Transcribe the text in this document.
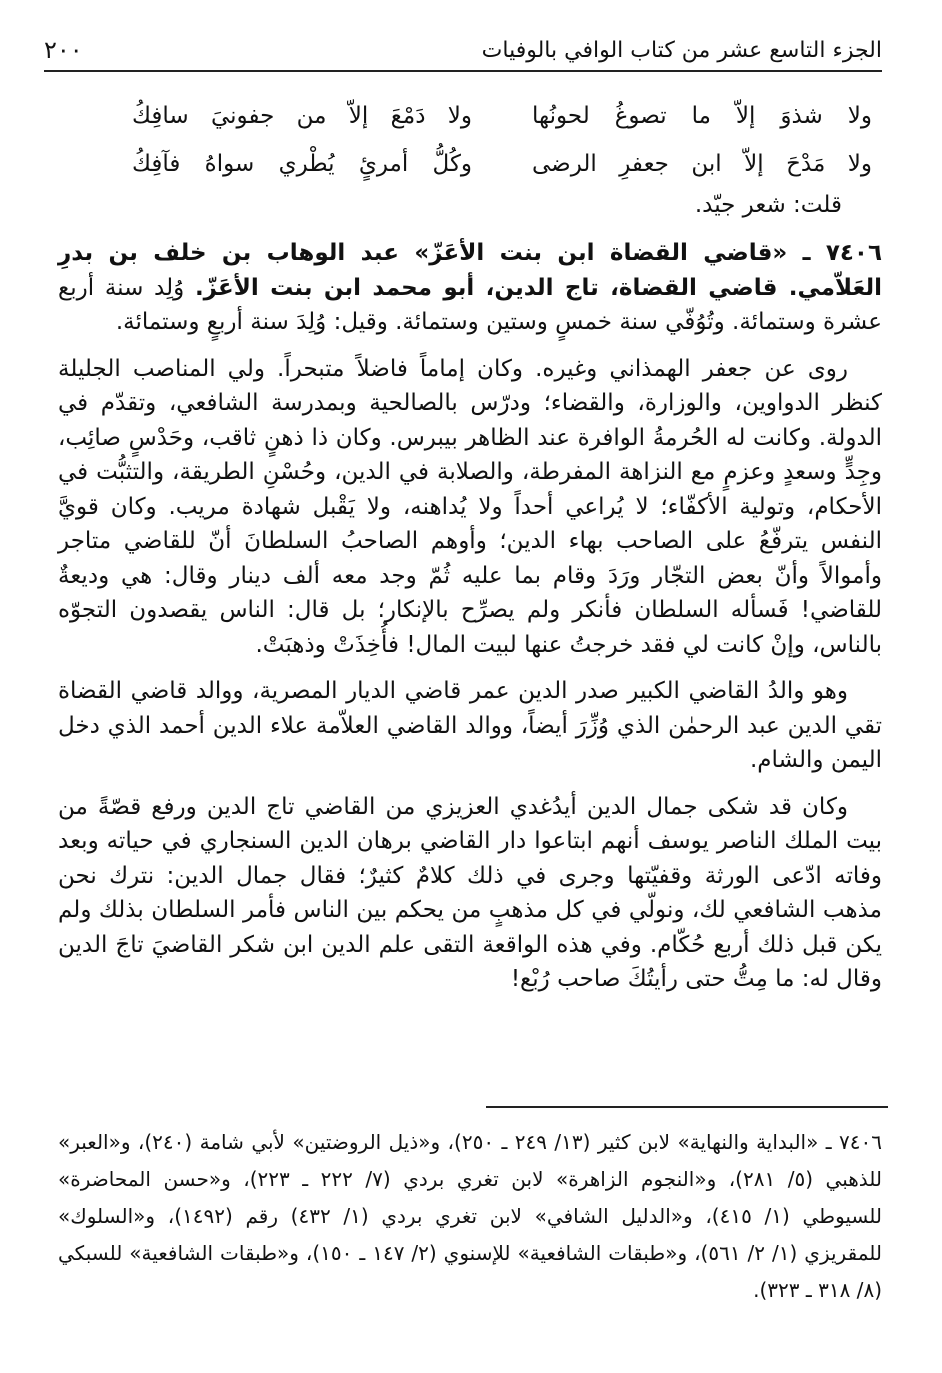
الجزء التاسع عشر من كتاب الوافي بالوفيات
٢٠٠
ولا شذوَ إلاّ ما تصوغُ لحونُها
ولا دَمْعَ إلاّ من جفونيَ سافِكُ
ولا مَدْحَ إلاّ ابن جعفرِ الرضى
وكُلُّ أمرئٍ يُطْري سواهُ فآفِكُ
قلت: شعر جيّد.

٧٤٠٦ ـ «قاضي القضاة ابن بنت الأعَزّ» عبد الوهاب بن خلف بن بدرِ العَلاّمي. قاضي القضاة، تاج الدين، أبو محمد ابن بنت الأعَزّ. وُلِد سنة أربع عشرة وستمائة. وتُوُفّي سنة خمسٍ وستين وستمائة. وقيل: وُلِدَ سنة أربعٍ وستمائة.

روى عن جعفر الهمذاني وغيره. وكان إماماً فاضلاً متبحراً. ولي المناصب الجليلة كنظر الدواوين، والوزارة، والقضاء؛ ودرّس بالصالحية وبمدرسة الشافعي، وتقدّم في الدولة. وكانت له الحُرمةُ الوافرة عند الظاهر بيبرس. وكان ذا ذهنٍ ثاقب، وحَدْسٍ صائِب، وجِدٍّ وسعدٍ وعزمٍ مع النزاهة المفرطة، والصلابة في الدين، وحُسْنِ الطريقة، والتثبُّت في الأحكام، وتولية الأكفّاء؛ لا يُراعي أحداً ولا يُداهنه، ولا يَقْبل شهادة مريب. وكان قويَّ النفس يترفّعُ على الصاحب بهاء الدين؛ وأوهم الصاحبُ السلطانَ أنّ للقاضي متاجر وأموالاً وأنّ بعض التجّار ورَدَ وقام بما عليه ثُمّ وجد معه ألف دينار وقال: هي وديعةٌ للقاضي! فَسأله السلطان فأنكر ولم يصرِّح بالإنكار؛ بل قال: الناس يقصدون التجوّه بالناس، وإنْ كانت لي فقد خرجتُ عنها لبيت المال! فأُخِذَتْ وذهبَتْ.

وهو والدُ القاضي الكبير صدر الدين عمر قاضي الديار المصرية، ووالد قاضي القضاة تقي الدين عبد الرحمٰن الذي وُزِّرَ أيضاً، ووالد القاضي العلاّمة علاء الدين أحمد الذي دخل اليمن والشام.

وكان قد شكى جمال الدين أيدُغدي العزيزي من القاضي تاج الدين ورفع قصّةً من بيت الملك الناصر يوسف أنهم ابتاعوا دار القاضي برهان الدين السنجاري في حياته وبعد وفاته ادّعى الورثة وقفيّتها وجرى في ذلك كلامٌ كثيرٌ؛ فقال جمال الدين: نترك نحن مذهب الشافعي لك، ونولّي في كل مذهبٍ من يحكم بين الناس فأمر السلطان بذلك ولم يكن قبل ذلك أربع حُكّام. وفي هذه الواقعة التقى علم الدين ابن شكر القاضيَ تاجَ الدين وقال له: ما مِتُّ حتى رأيتُكَ صاحب رُبْع!

٧٤٠٦ ـ «البداية والنهاية» لابن كثير (١٣/ ٢٤٩ ـ ٢٥٠)، و«ذيل الروضتين» لأبي شامة (٢٤٠)، و«العبر» للذهبي (٥/ ٢٨١)، و«النجوم الزاهرة» لابن تغري بردي (٧/ ٢٢٢ ـ ٢٢٣)، و«حسن المحاضرة» للسيوطي (١/ ٤١٥)، و«الدليل الشافي» لابن تغري بردي (١/ ٤٣٢) رقم (١٤٩٢)، و«السلوك» للمقريزي (١/ ٢/ ٥٦١)، و«طبقات الشافعية» للإسنوي (٢/ ١٤٧ ـ ١٥٠)، و«طبقات الشافعية» للسبكي (٨/ ٣١٨ ـ ٣٢٣).
